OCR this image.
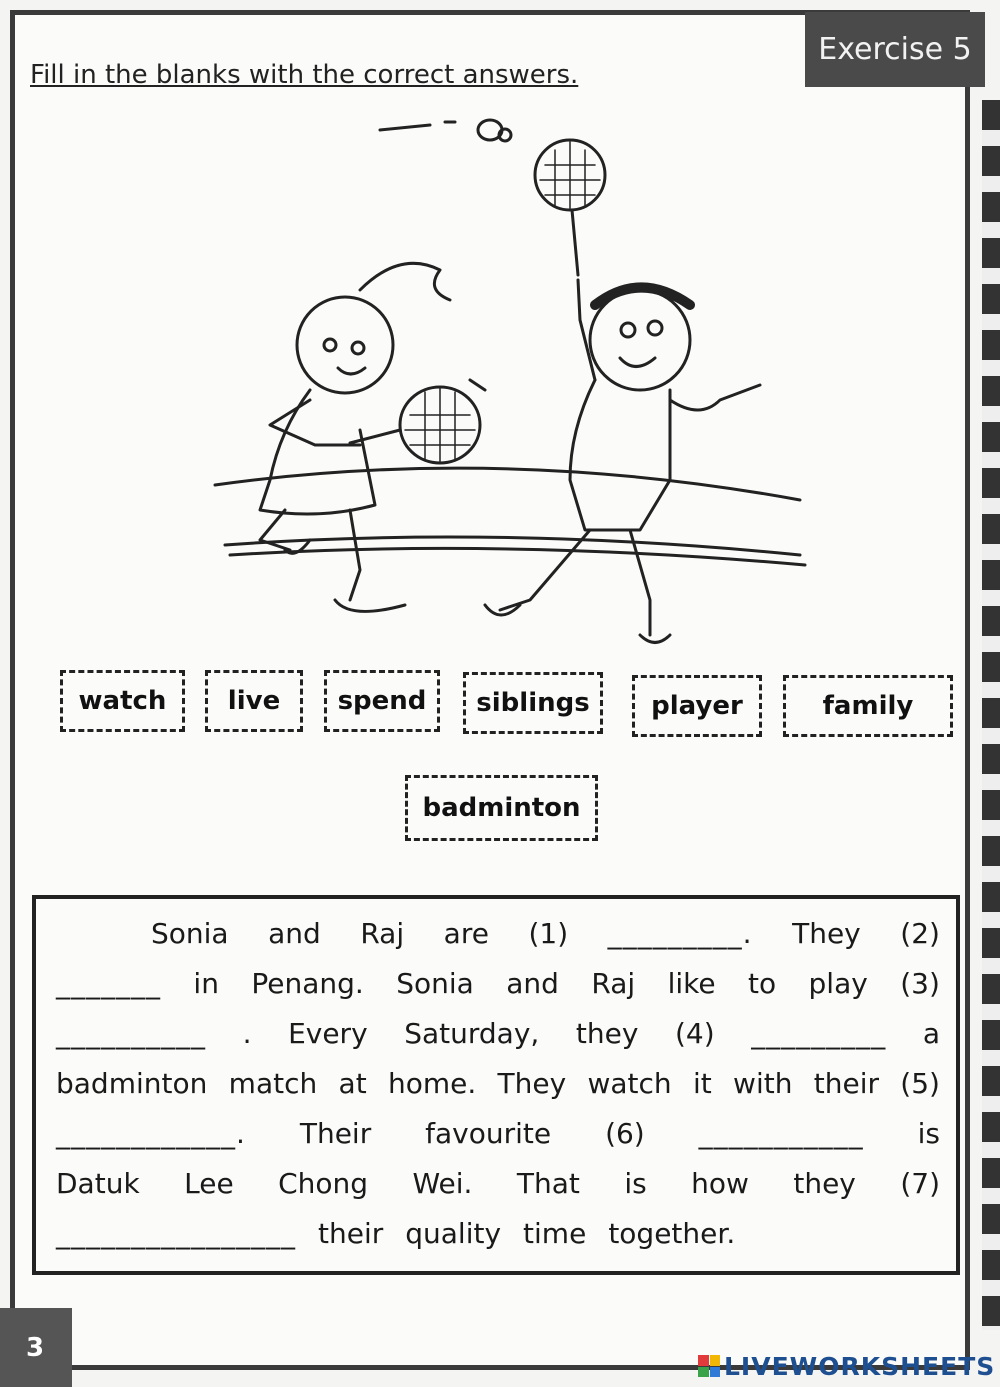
Exercise 5
Fill in the blanks with the correct answers.
watch live spend siblings player	family
badminton
Sonia and Raj are (1) _________. They (2)
_______ in Penang. Sonia and Raj like to play (3)
__________ . Every Saturday, they (4) _________ a
badminton match at home. They watch it with their (5)
____________. Their favourite (6) ___________ is
Datuk Lee Chong Wei. That is how they (7)
________________ their quality time together.
3
LIVEWORKSHEETS
